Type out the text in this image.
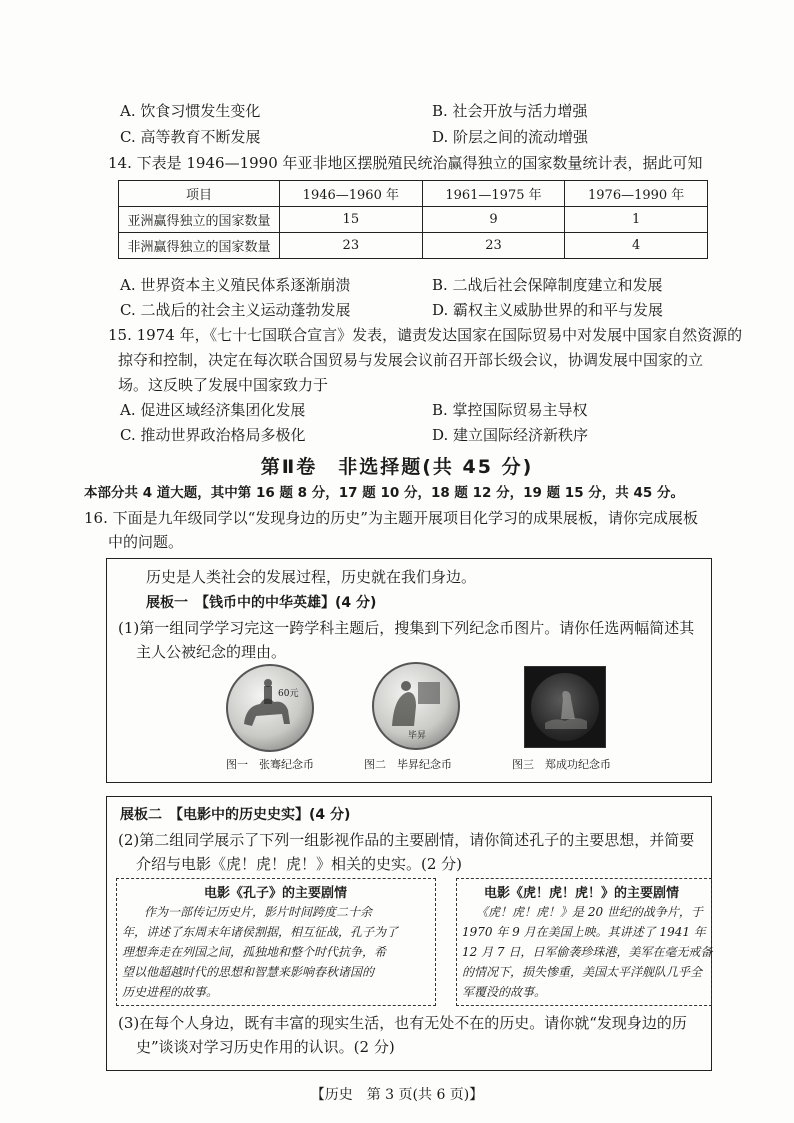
A. 饮食习惯发生变化	B. 社会开放与活力增强
C. 高等教育不断发展	D. 阶层之间的流动增强
14. 下表是 1946—1990 年亚非地区摆脱殖民统治赢得独立的国家数量统计表，据此可知
项目	1946—1960 年	1961—1975 年	1976—1990 年
亚洲赢得独立的国家数量	15	9	1
非洲赢得独立的国家数量	23	23	4
A. 世界资本主义殖民体系逐渐崩溃	B. 二战后社会保障制度建立和发展
C. 二战后的社会主义运动蓬勃发展	D. 霸权主义威胁世界的和平与发展
15. 1974 年，《七十七国联合宣言》发表，谴责发达国家在国际贸易中对发展中国家自然资源的
掠夺和控制，决定在每次联合国贸易与发展会议前召开部长级会议，协调发展中国家的立
场。这反映了发展中国家致力于
A. 促进区域经济集团化发展	B. 掌控国际贸易主导权
C. 推动世界政治格局多极化	D. 建立国际经济新秩序
第Ⅱ卷　非选择题(共 45 分)
本部分共 4 道大题，其中第 16 题 8 分，17 题 10 分，18 题 12 分，19 题 15 分，共 45 分。
16. 下面是九年级同学以“发现身边的历史”为主题开展项目化学习的成果展板，请你完成展板
中的问题。
历史是人类社会的发展过程，历史就在我们身边。
展板一　【钱币中的中华英雄】(4 分)
(1)第一组同学学习完这一跨学科主题后，搜集到下列纪念币图片。请你任选两幅简述其
主人公被纪念的理由。
60元
毕昇
图一　张骞纪念币	图二　毕昇纪念币	图三　郑成功纪念币
展板二　【电影中的历史史实】(4 分)
(2)第二组同学展示了下列一组影视作品的主要剧情，请你简述孔子的主要思想，并简要
介绍与电影《虎！虎！虎！》相关的史实。(2 分)
电影《孔子》的主要剧情
作为一部传记历史片，影片时间跨度二十余
年，讲述了东周末年诸侯割据，相互征战，孔子为了
理想奔走在列国之间，孤独地和整个时代抗争，希
望以他超越时代的思想和智慧来影响春秋诸国的
历史进程的故事。
电影《虎！虎！虎！》的主要剧情
《虎！虎！虎！》是 20 世纪的战争片，于
1970 年 9 月在美国上映。其讲述了 1941 年
12 月 7 日，日军偷袭珍珠港，美军在毫无戒备
的情况下，损失惨重，美国太平洋舰队几乎全
军覆没的故事。
(3)在每个人身边，既有丰富的现实生活，也有无处不在的历史。请你就“发现身边的历
史”谈谈对学习历史作用的认识。(2 分)
【历史　第 3 页(共 6 页)】
